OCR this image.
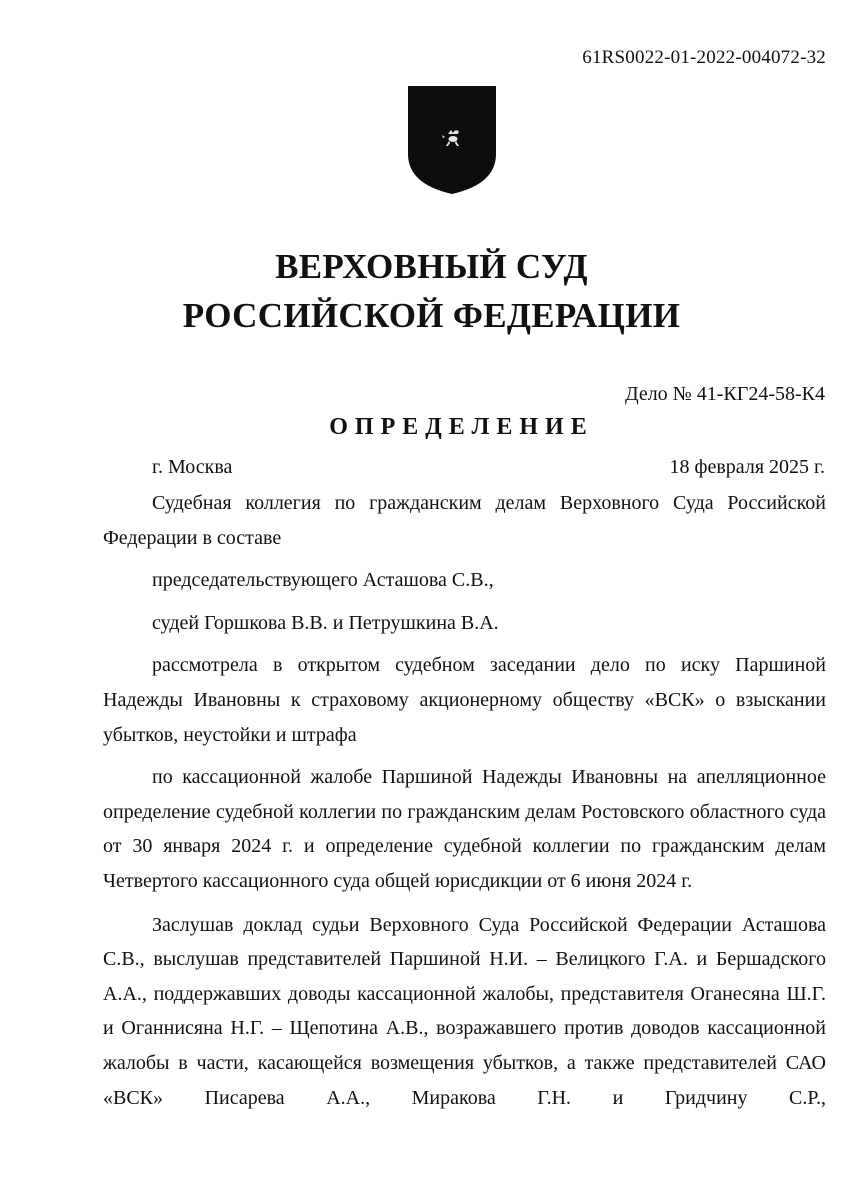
61RS0022-01-2022-004072-32
ВЕРХОВНЫЙ СУД
РОССИЙСКОЙ ФЕДЕРАЦИИ
Дело № 41-КГ24-58-К4
ОПРЕДЕЛЕНИЕ
г. Москва	18 февраля 2025 г.

Судебная коллегия по гражданским делам Верховного Суда Российской Федерации в составе

председательствующего Асташова С.В.,

судей Горшкова В.В. и Петрушкина В.А.

рассмотрела в открытом судебном заседании дело по иску Паршиной Надежды Ивановны к страховому акционерному обществу «ВСК» о взыскании убытков, неустойки и штрафа

по кассационной жалобе Паршиной Надежды Ивановны на апелляционное определение судебной коллегии по гражданским делам Ростовского областного суда от 30 января 2024 г. и определение судебной коллегии по гражданским делам Четвертого кассационного суда общей юрисдикции от 6 июня 2024 г.

Заслушав доклад судьи Верховного Суда Российской Федерации Асташова С.В., выслушав представителей Паршиной Н.И. – Велицкого Г.А. и Бершадского А.А., поддержавших доводы кассационной жалобы, представителя Оганесяна Ш.Г. и Оганнисяна Н.Г. – Щепотина А.В., возражавшего против доводов кассационной жалобы в части, касающейся возмещения убытков, а также представителей САО «ВСК» Писарева А.А., Миракова Г.Н. и Гридчину С.Р.,
